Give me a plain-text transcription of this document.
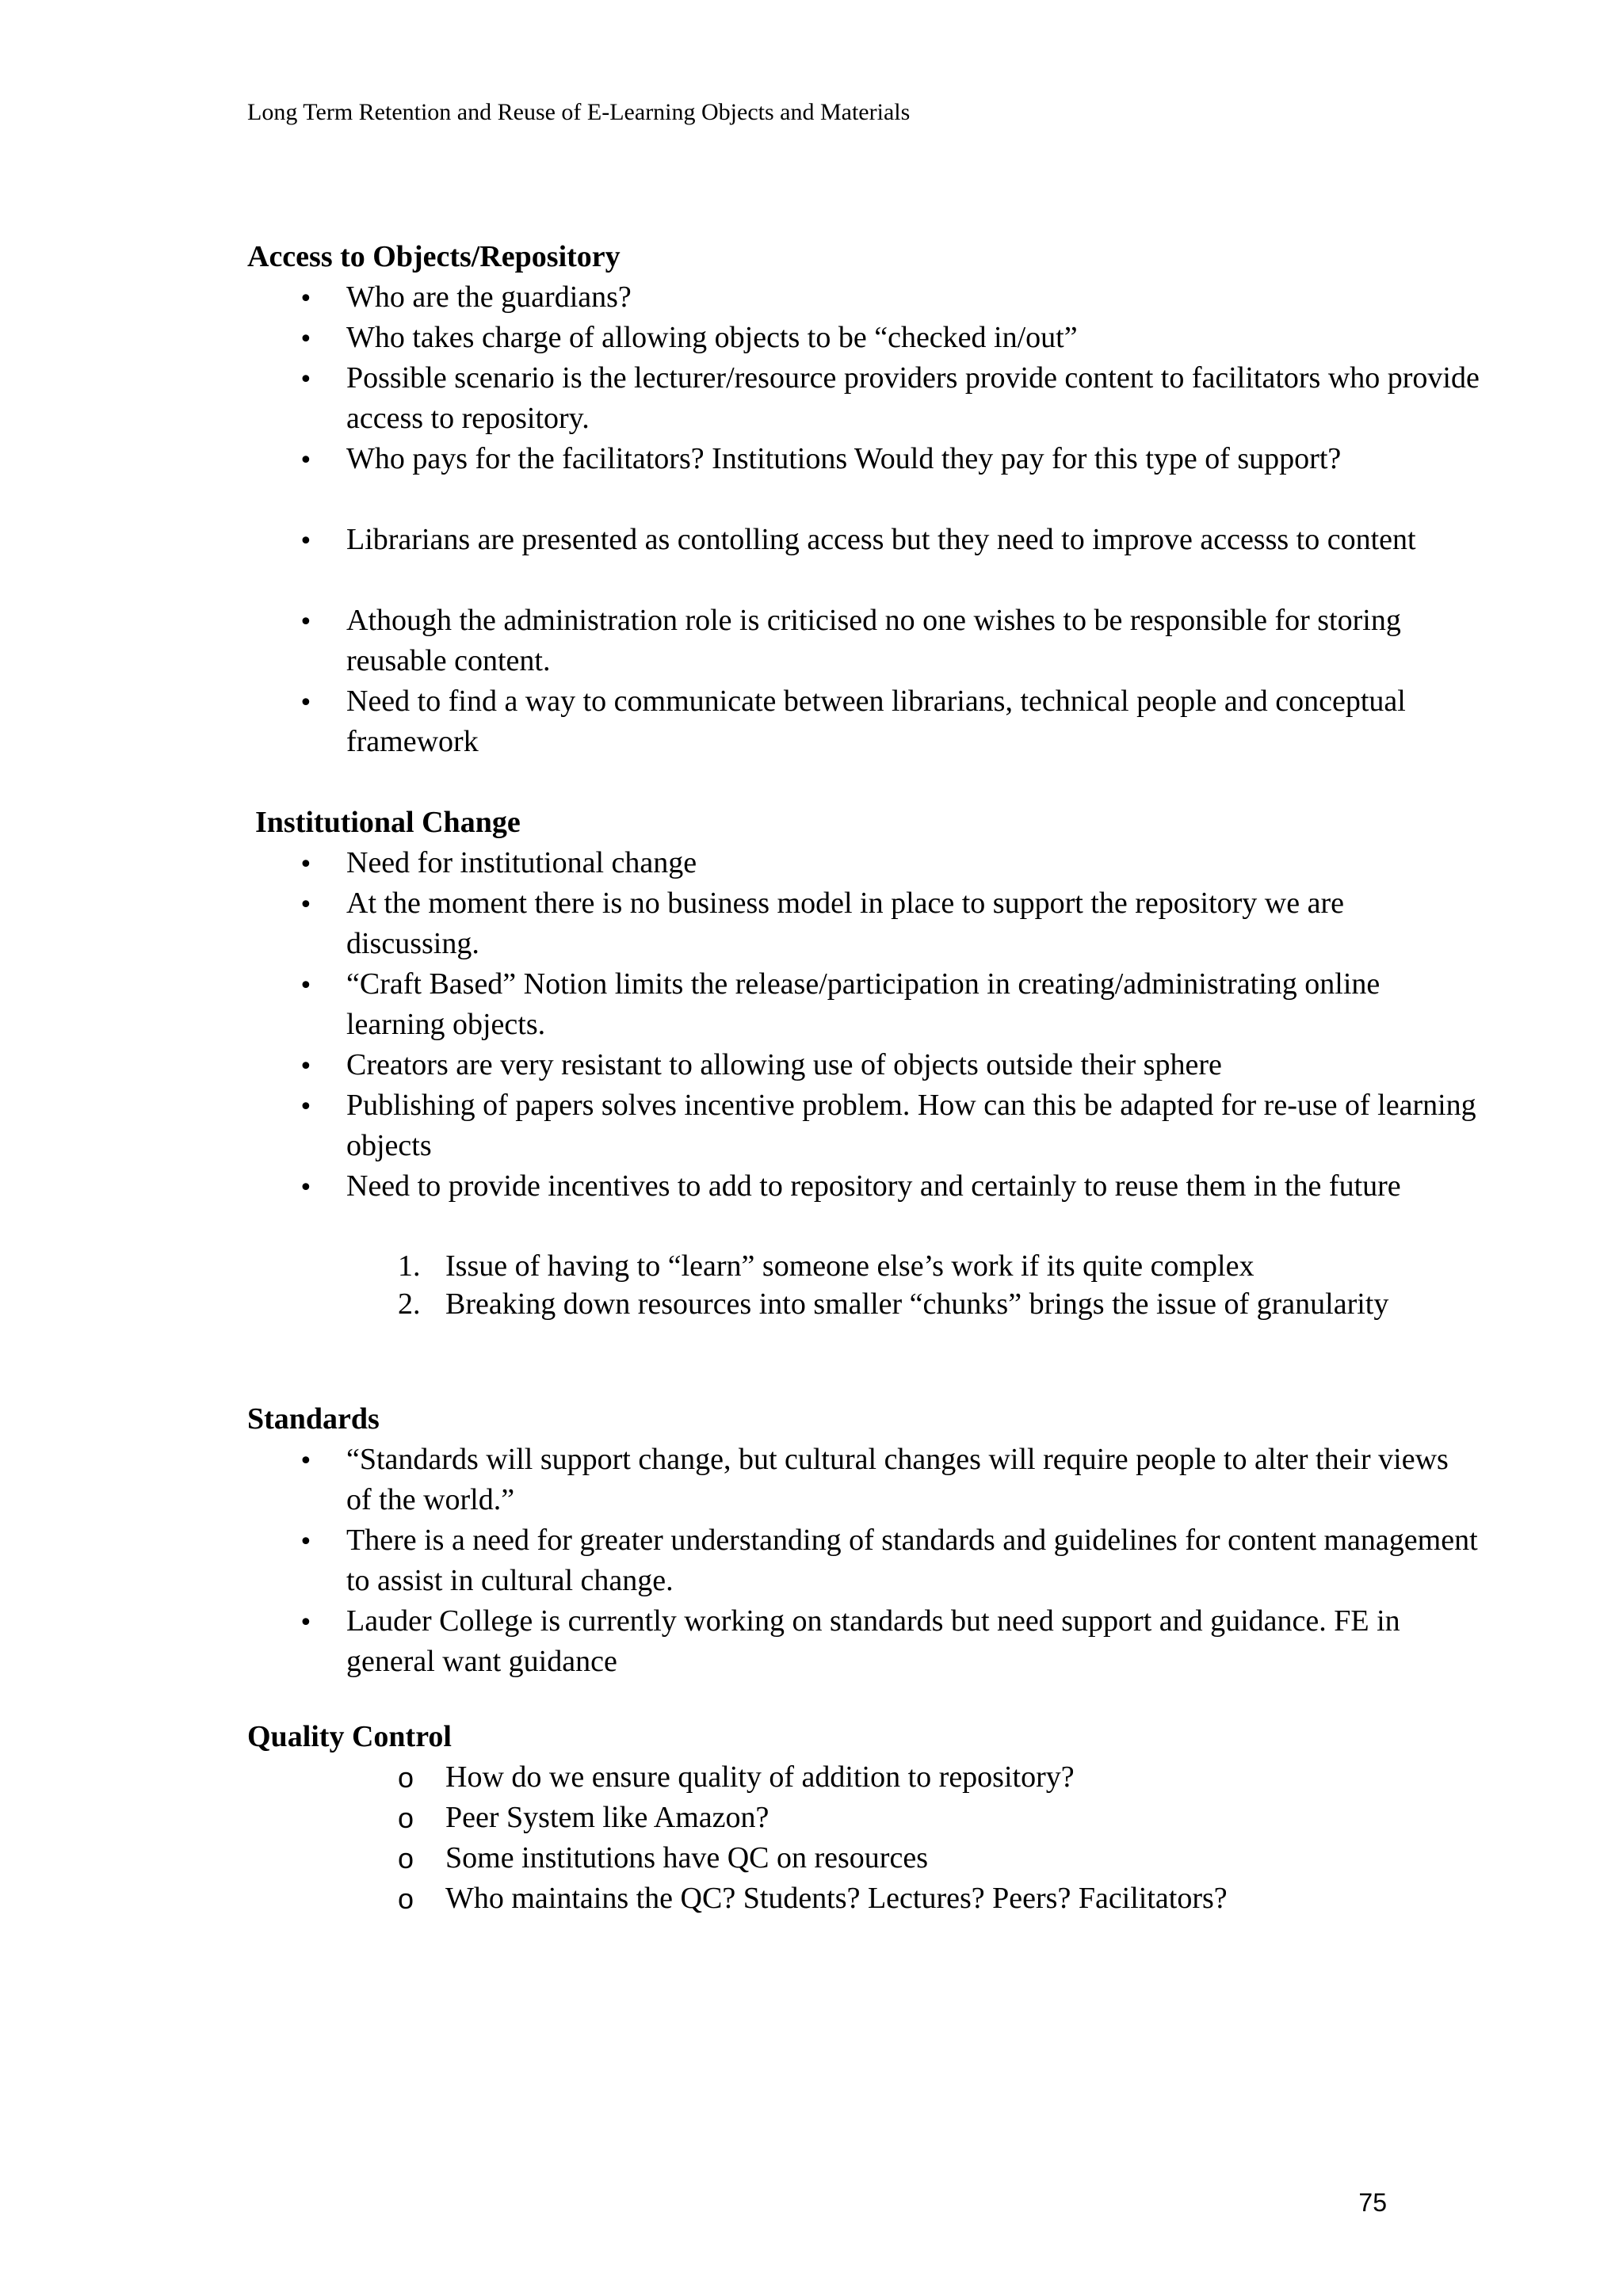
Long Term Retention and Reuse of E-Learning Objects and Materials
Access to Objects/Repository
•
Who are the guardians?
•
Who takes charge of allowing objects to be “checked in/out”
•
Possible scenario is the lecturer/resource providers provide content to facilitators who provide access to repository.
•
Who pays for the facilitators? Institutions Would they pay for this type of support?
•
Librarians are presented as contolling access but they need to improve accesss to content
•
Athough the administration role is criticised no one wishes to be responsible for storing reusable content.
•
Need to find a way to communicate between librarians, technical people and conceptual framework
Institutional Change
•
Need for institutional change
•
At the moment there is no business model in place to support the repository we are discussing.
•
“Craft Based” Notion limits the release/participation in creating/administrating online learning objects.
•
Creators are very resistant to allowing use of objects outside their sphere
•
Publishing of papers solves incentive problem. How can this be adapted for re-use of learning objects
•
Need to provide incentives to add to repository and certainly to reuse them in the future
1. Issue of having to “learn” someone else’s work if its quite complex
2. Breaking down resources into smaller “chunks” brings the issue of granularity
Standards
•
“Standards will support change, but cultural changes will require people to alter their views of the world.”
•
There is a need for greater understanding of standards and guidelines for content management to assist in cultural change.
•
Lauder College is currently working on standards but need support and guidance. FE in general want guidance
Quality Control
o
How do we ensure quality of addition to repository?
o
Peer System like Amazon?
o
Some institutions have QC on resources
o
Who maintains the QC? Students? Lectures? Peers? Facilitators?
75
